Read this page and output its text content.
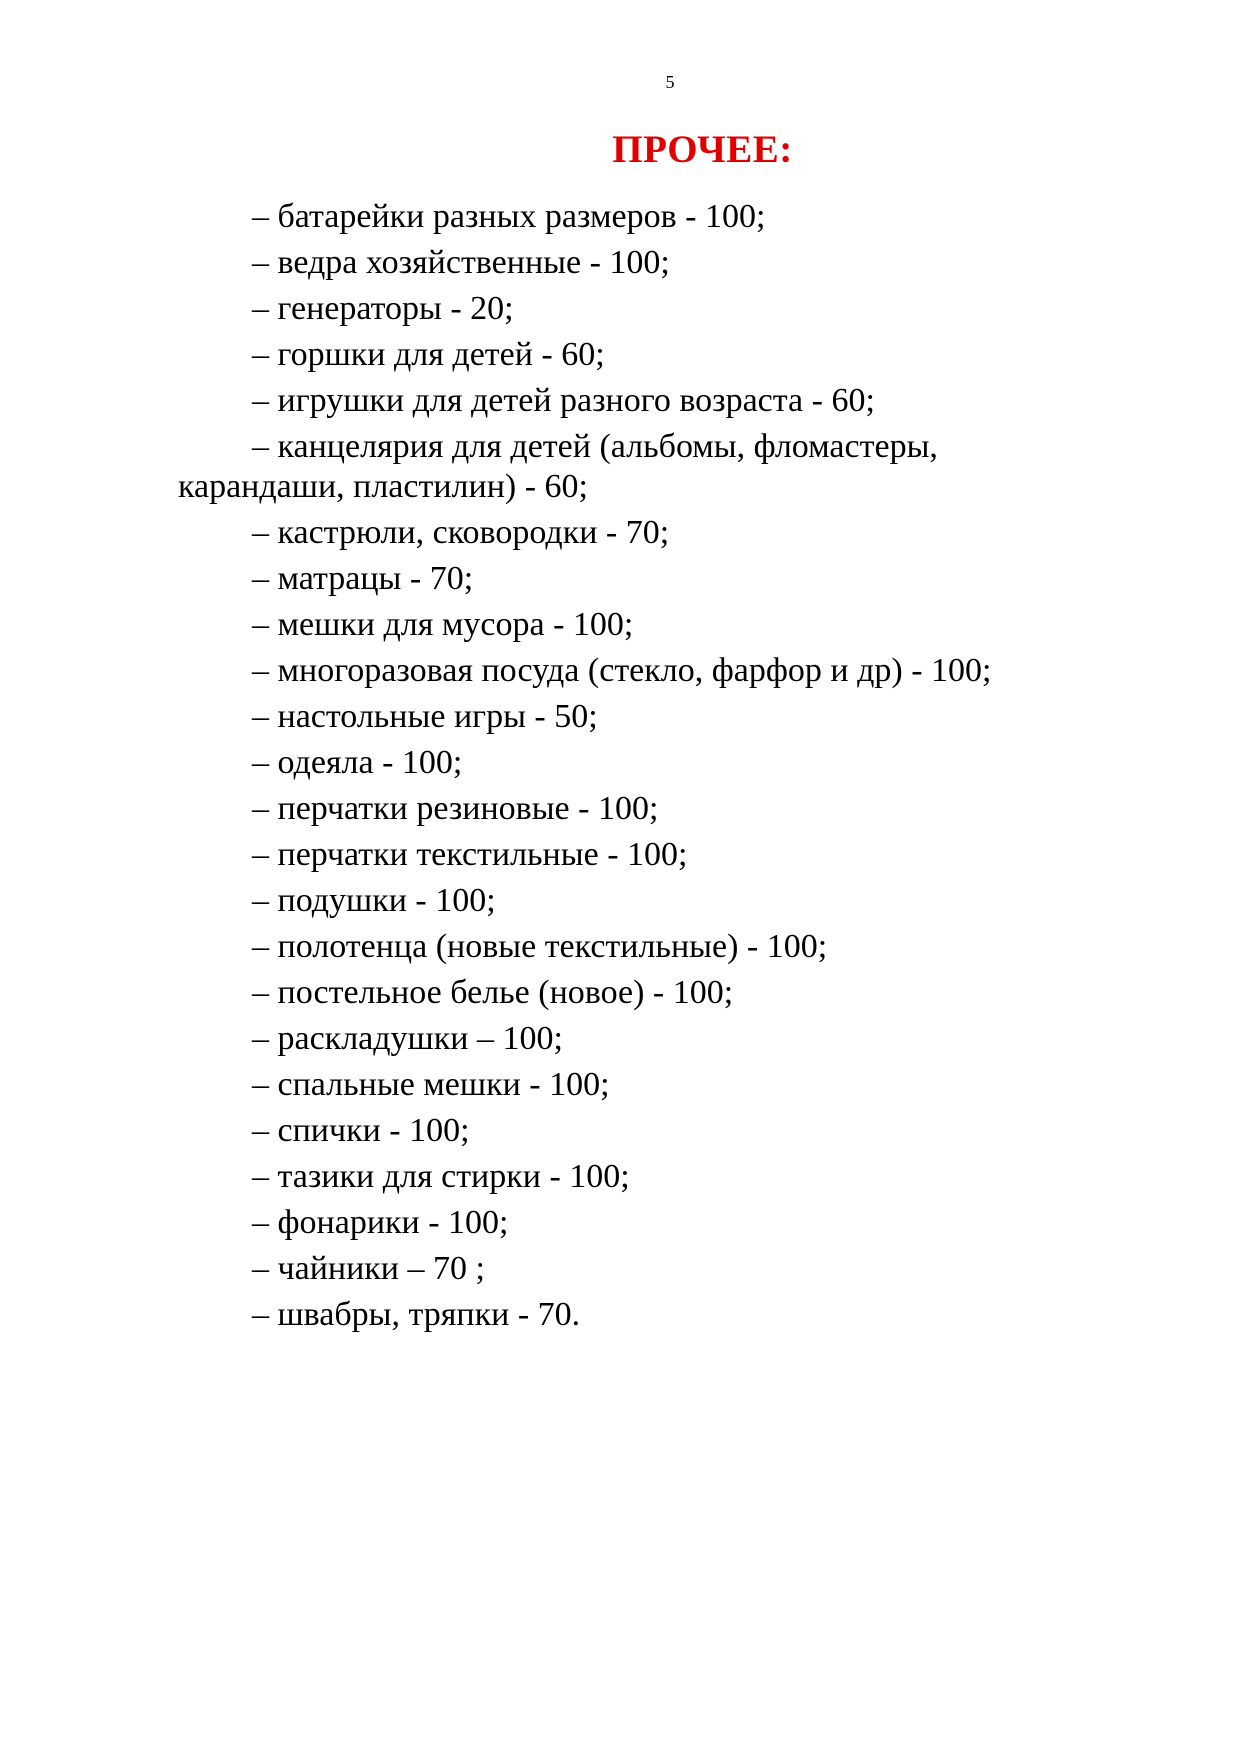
5
ПРОЧЕЕ:
– батарейки разных размеров - 100;
– ведра хозяйственные - 100;
– генераторы - 20;
– горшки для детей - 60;
– игрушки для детей разного возраста - 60;
– канцелярия для детей (альбомы, фломастеры,
карандаши, пластилин) - 60;
– кастрюли, сковородки - 70;
– матрацы - 70;
– мешки для мусора - 100;
– многоразовая посуда (стекло, фарфор и др) - 100;
– настольные игры - 50;
– одеяла - 100;
– перчатки резиновые - 100;
– перчатки текстильные - 100;
– подушки - 100;
– полотенца (новые текстильные) - 100;
– постельное белье (новое) - 100;
– раскладушки – 100;
– спальные мешки - 100;
– спички - 100;
– тазики для стирки - 100;
– фонарики - 100;
– чайники – 70 ;
– швабры, тряпки - 70.
